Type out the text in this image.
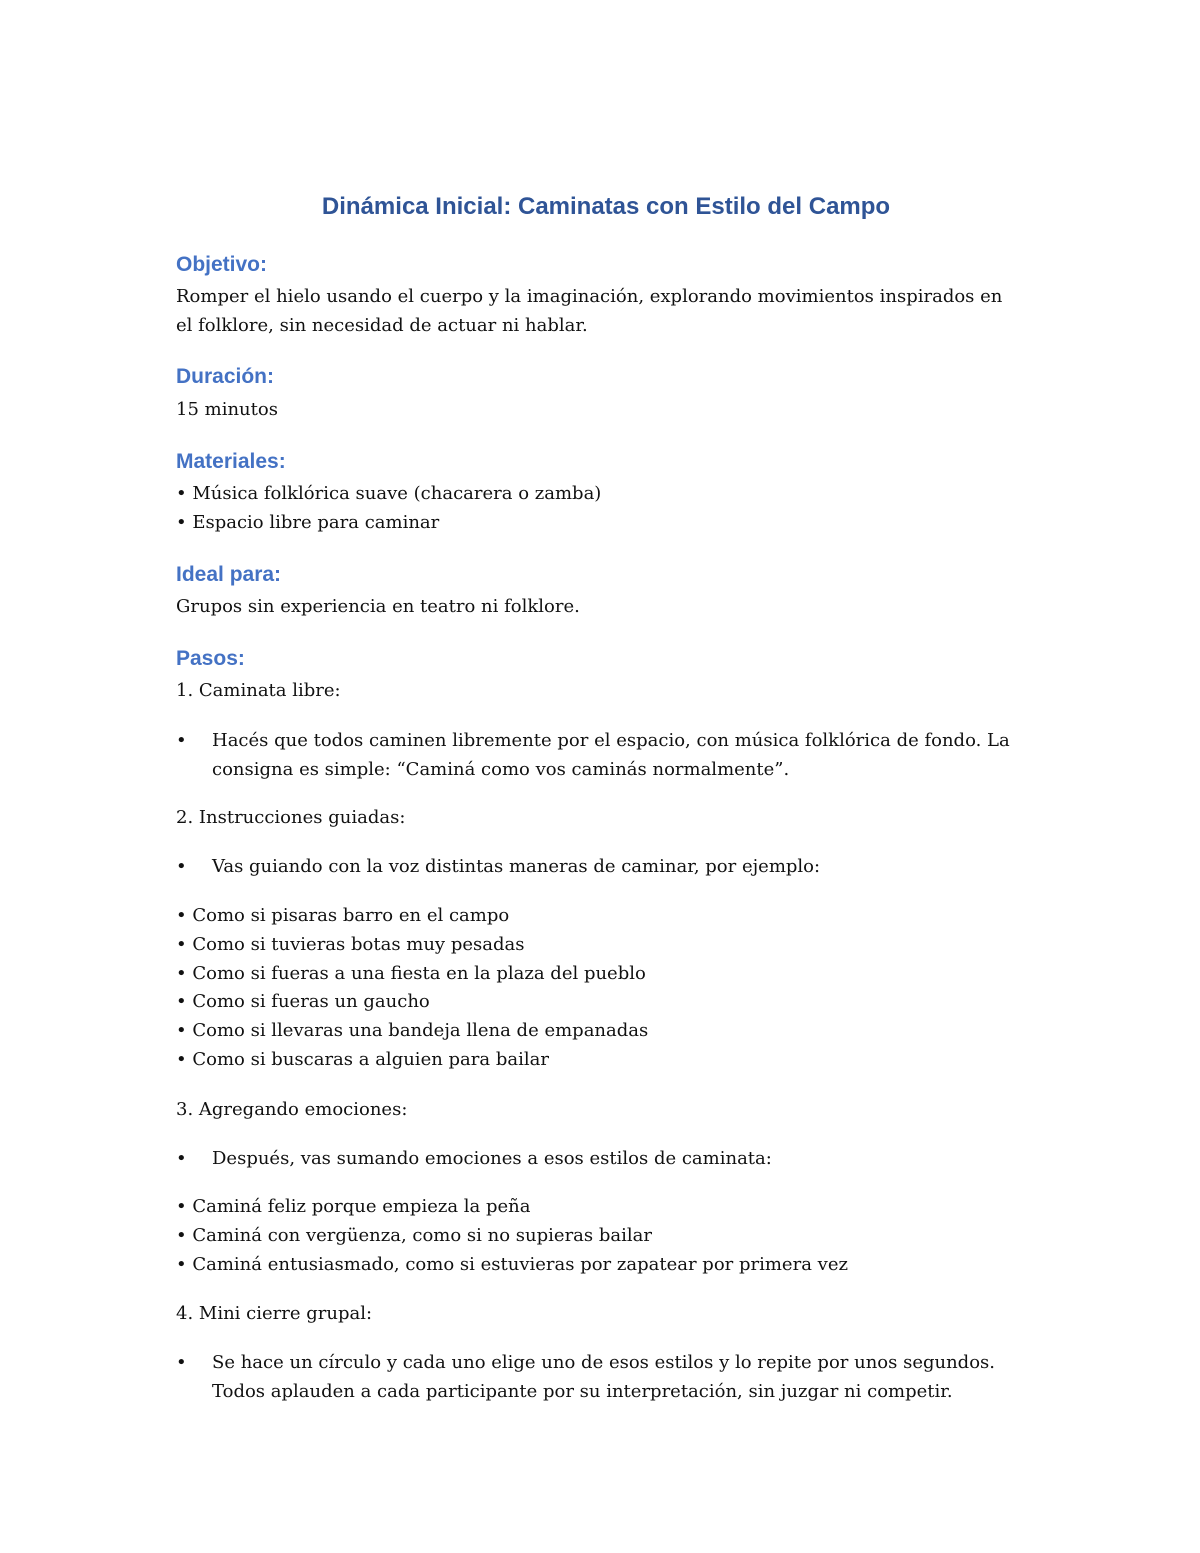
Dinámica Inicial: Caminatas con Estilo del Campo
Objetivo:

Romper el hielo usando el cuerpo y la imaginación, explorando movimientos inspirados en

el folklore, sin necesidad de actuar ni hablar.

Duración:

15 minutos

Materiales:

• Música folklórica suave (chacarera o zamba)

• Espacio libre para caminar

Ideal para:

Grupos sin experiencia en teatro ni folklore.

Pasos:

1. Caminata libre:

•	Hacés que todos caminen libremente por el espacio, con música folklórica de fondo. La
consigna es simple: “Caminá como vos caminás normalmente”.

2. Instrucciones guiadas:

•	Vas guiando con la voz distintas maneras de caminar, por ejemplo:

• Como si pisaras barro en el campo

• Como si tuvieras botas muy pesadas

• Como si fueras a una fiesta en la plaza del pueblo

• Como si fueras un gaucho

• Como si llevaras una bandeja llena de empanadas

• Como si buscaras a alguien para bailar

3. Agregando emociones:

•	Después, vas sumando emociones a esos estilos de caminata:

• Caminá feliz porque empieza la peña

• Caminá con vergüenza, como si no supieras bailar

• Caminá entusiasmado, como si estuvieras por zapatear por primera vez

4. Mini cierre grupal:

•	Se hace un círculo y cada uno elige uno de esos estilos y lo repite por unos segundos.
Todos aplauden a cada participante por su interpretación, sin juzgar ni competir.
